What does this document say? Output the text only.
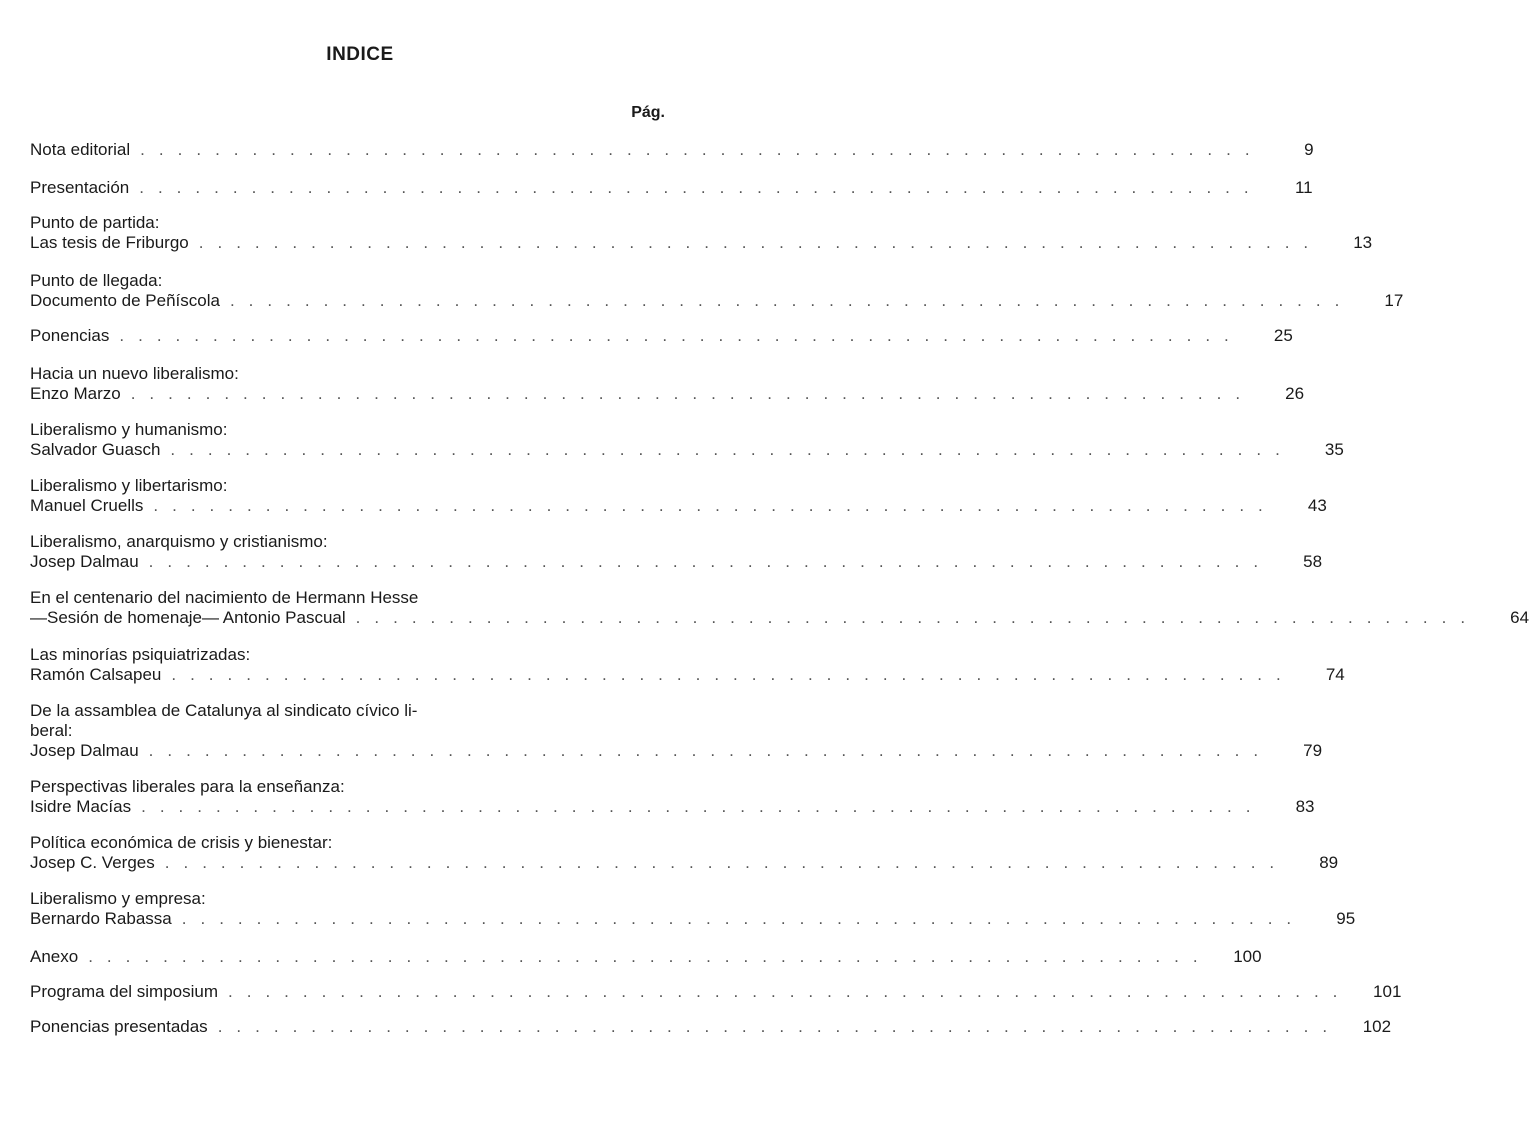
INDICE
Pág.
Nota editorial ............................................................	9
Presentación ............................................................	11
Punto de partida:
Las tesis de Friburgo ............................................................	13
Punto de llegada:
Documento de Peñíscola ............................................................	17
Ponencias ............................................................	25
Hacia un nuevo liberalismo:
Enzo Marzo ............................................................	26
Liberalismo y humanismo:
Salvador Guasch ............................................................	35
Liberalismo y libertarismo:
Manuel Cruells ............................................................	43
Liberalismo, anarquismo y cristianismo:
Josep Dalmau ............................................................	58
En el centenario del nacimiento de Hermann Hesse
—Sesión de homenaje— Antonio Pascual ............................................................	64
Las minorías psiquiatrizadas:
Ramón Calsapeu ............................................................	74
De la assamblea de Catalunya al sindicato cívico li-
beral:
Josep Dalmau ............................................................	79
Perspectivas liberales para la enseñanza:
Isidre Macías ............................................................	83
Política económica de crisis y bienestar:
Josep C. Verges ............................................................	89
Liberalismo y empresa:
Bernardo Rabassa ............................................................	95
Anexo ............................................................	100
Programa del simposium ............................................................	101
Ponencias presentadas ............................................................	102
